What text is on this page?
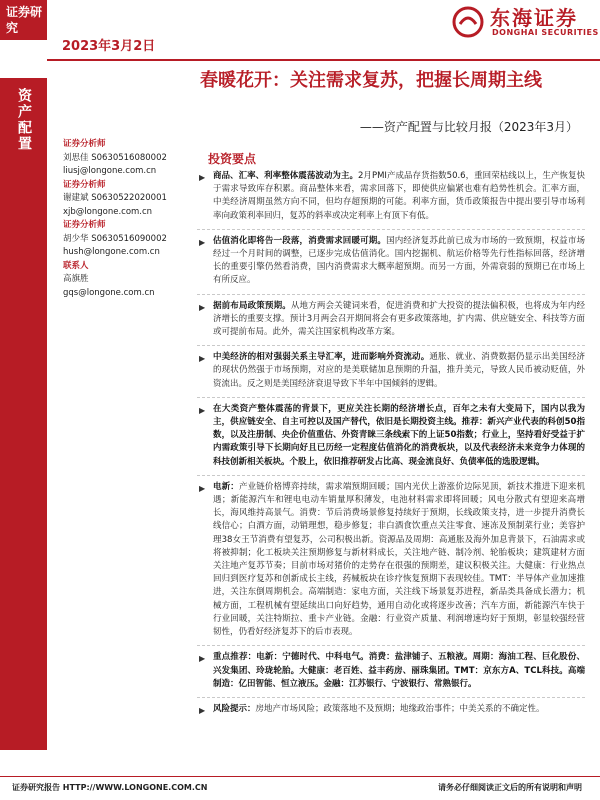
证券研究
2023年3月2日
东海证券
DONGHAI SECURITIES
资产配置
春暖花开：关注需求复苏，把握长周期主线
——资产配置与比较月报（2023年3月）
证券分析师
刘思佳 S0630516080002
liusj@longone.com.cn
证券分析师
谢建斌 S0630522020001
xjb@longone.com.cn
证券分析师
胡少华 S0630516090002
hush@longone.com.cn
联系人
高旗胜
gqs@longone.com.cn
投资要点
▶ 商品、汇率、利率整体震荡波动为主。2月PMI产成品存货指数50.6，重回荣枯线以上，生产恢复快于需求导致库存积累。商品整体来看，需求回落下，即使供应偏紧也难有趋势性机会。汇率方面，中美经济周期虽然方向不同，但均存超预期的可能。利率方面，货币政策报告中提出要引导市场利率向政策利率回归，复苏的斜率或决定利率上有顶下有低。
▶ 估值消化即将告一段落，消费需求回暖可期。国内经济复苏此前已成为市场的一致预期，权益市场经过一个月时间的调整，已逐步完成估值消化。国内挖掘机、航运价格等先行性指标回落，经济增长的重要引擎仍然看消费，国内消费需求大概率超预期。而另一方面，外需衰弱的预期已在市场上有所反应。
▶ 据前布局政策预期。从地方两会关键词来看，促进消费和扩大投资的提法偏积极，也将成为年内经济增长的重要支撑。预计3月两会召开期间将会有更多政策落地，扩内需、供应链安全、科技等方面或可提前布局。此外，需关注国家机构改革方案。
▶ 中美经济的相对强弱关系主导汇率，进而影响外资流动。通胀、就业、消费数据仍显示出美国经济的现状仍然强于市场预期，对应的是美联储加息预期的升温，推升美元，导致人民币被动贬值，外资流出。反之则是美国经济衰退导致下半年中国倾斜的逻辑。
▶ 在大类资产整体震荡的背景下，更应关注长期的经济增长点，百年之未有大变局下，国内以我为主，供应链安全、自主可控以及国产替代，依旧是长期投资主线。推荐：新兴产业代表的科创50指数，以及注册制、央企价值重估、外资青睐三条线索下的上证50指数；行业上，坚持看好受益于扩内需政策引导下长期向好且已历经一定程度估值消化的消费板块，以及代表经济未来竞争力体现的科技创新相关板块。个股上，依旧推荐研发占比高、现金流良好、负债率低的选股逻辑。
▶ 电新：产业链价格博弈持续，需求端预期回暖；国内光伏上游涨价边际见顶，新技术推进下迎来机遇；新能源汽车和锂电电动车销量厚积薄发，电池材料需求即将回暖；风电分散式有望迎来高增长，海风维持高景气。消费：节后消费场景修复持续好于预期，长线政策支持，进一步提升消费长线信心；白酒方面，动销理想，稳步修复；非白酒食饮重点关注零食、速冻及预制菜行业；美容护理38女王节消费有望复苏，公司积极出新。资源品及周期：高通胀及海外加息背景下，石油需求或将被抑制；化工板块关注预期修复与新材料成长，关注地产链、制冷剂、轮胎板块；建筑建材方面关注地产复苏节奏；目前市场对猪价的走势存在很强的预期差，建议积极关注。大健康：行业热点回归到医疗复苏和创新成长主线，药械板块在诊疗恢复预期下表现较佳。TMT：半导体产业加速推进，关注东倒周期机会。高端制造：家电方面，关注线下场景复苏进程，新品类具备成长潜力；机械方面，工程机械有望延续出口向好趋势，通用自动化或将逐步改善；汽车方面，新能源汽车快于行业回暖，关注特斯拉、重卡产业链。金融：行业资产质量、利润增速均好于预期，彰显较强经营韧性，仍看好经济复苏下的后市表现。
▶ 重点推荐：电新：宁德时代、中科电气。消费：盐津铺子、五粮液。周期：海油工程、巨化股份、兴发集团、玲珑轮胎。大健康：老百姓、益丰药房、丽珠集团。TMT：京东方A、TCL科技。高端制造：亿田智能、恒立液压。金融：江苏银行、宁波银行、常熟银行。
▶ 风险提示：房地产市场风险；政策落地不及预期；地缘政治事件；中美关系的不确定性。
证券研究报告 HTTP://WWW.LONGONE.COM.CN	请务必仔细阅读正文后的所有说明和声明
